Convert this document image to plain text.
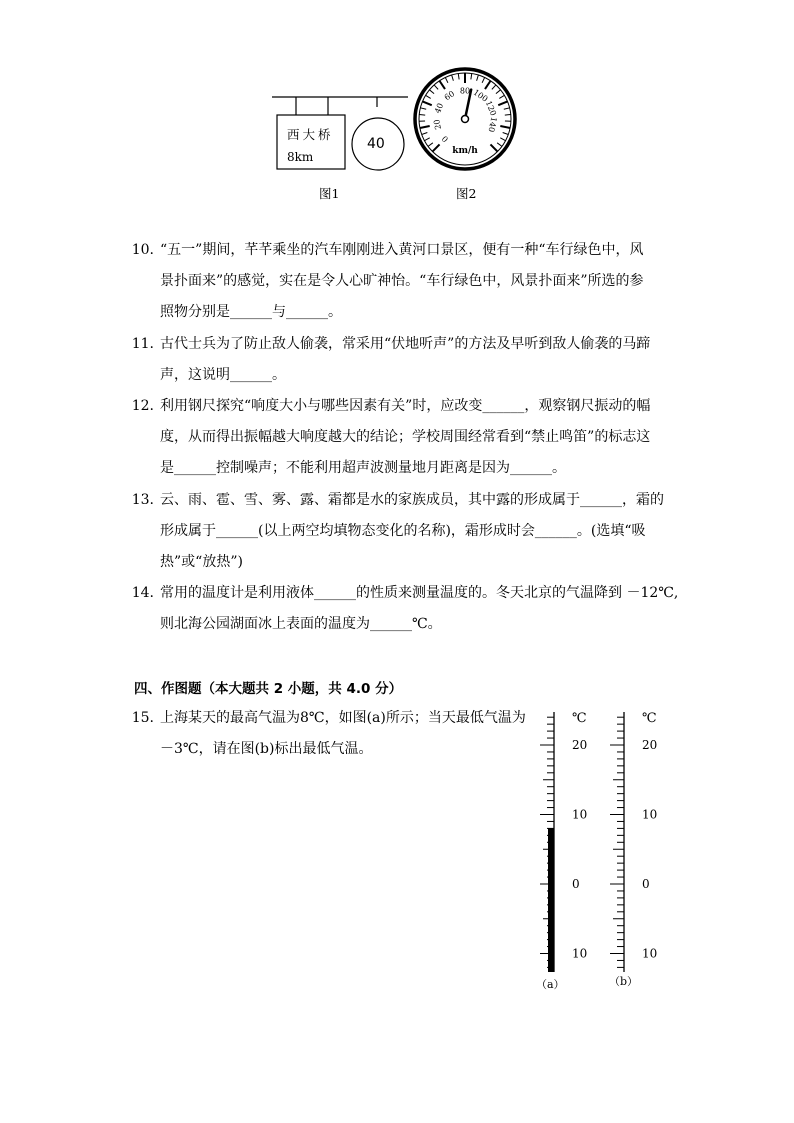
西大桥
8km
40	0
20
40
60 80 100
120
140
km/h
图1	图2
10. “五一”期间，芊芊乘坐的汽车刚刚进入黄河口景区，便有一种“车行绿色中，风
景扑面来”的感觉，实在是令人心旷神怡。“车行绿色中，风景扑面来”所选的参
照物分别是______与______。
11. 古代士兵为了防止敌人偷袭，常采用“伏地听声”的方法及早听到敌人偷袭的马蹄
声，这说明______。
12. 利用钢尺探究“响度大小与哪些因素有关”时，应改变______，观察钢尺振动的幅
度，从而得出振幅越大响度越大的结论；学校周围经常看到“禁止鸣笛”的标志这
是______控制噪声；不能利用超声波测量地月距离是因为______。
13. 云、雨、雹、雪、雾、露、霜都是水的家族成员，其中露的形成属于______，霜的
形成属于______(以上两空均填物态变化的名称)，霜形成时会______。(选填“吸
热”或“放热”)
14. 常用的温度计是利用液体______的性质来测量温度的。冬天北京的气温降到 －12℃,
则北海公园湖面冰上表面的温度为______℃。
四、作图题（本大题共 2 小题，共 4.0 分）
15. 上海某天的最高气温为8℃，如图(a)所示；当天最低气温为
－3℃，请在图(b)标出最低气温。	20
10
0
10
℃
20
10
0
10
℃
（a）	（b）
